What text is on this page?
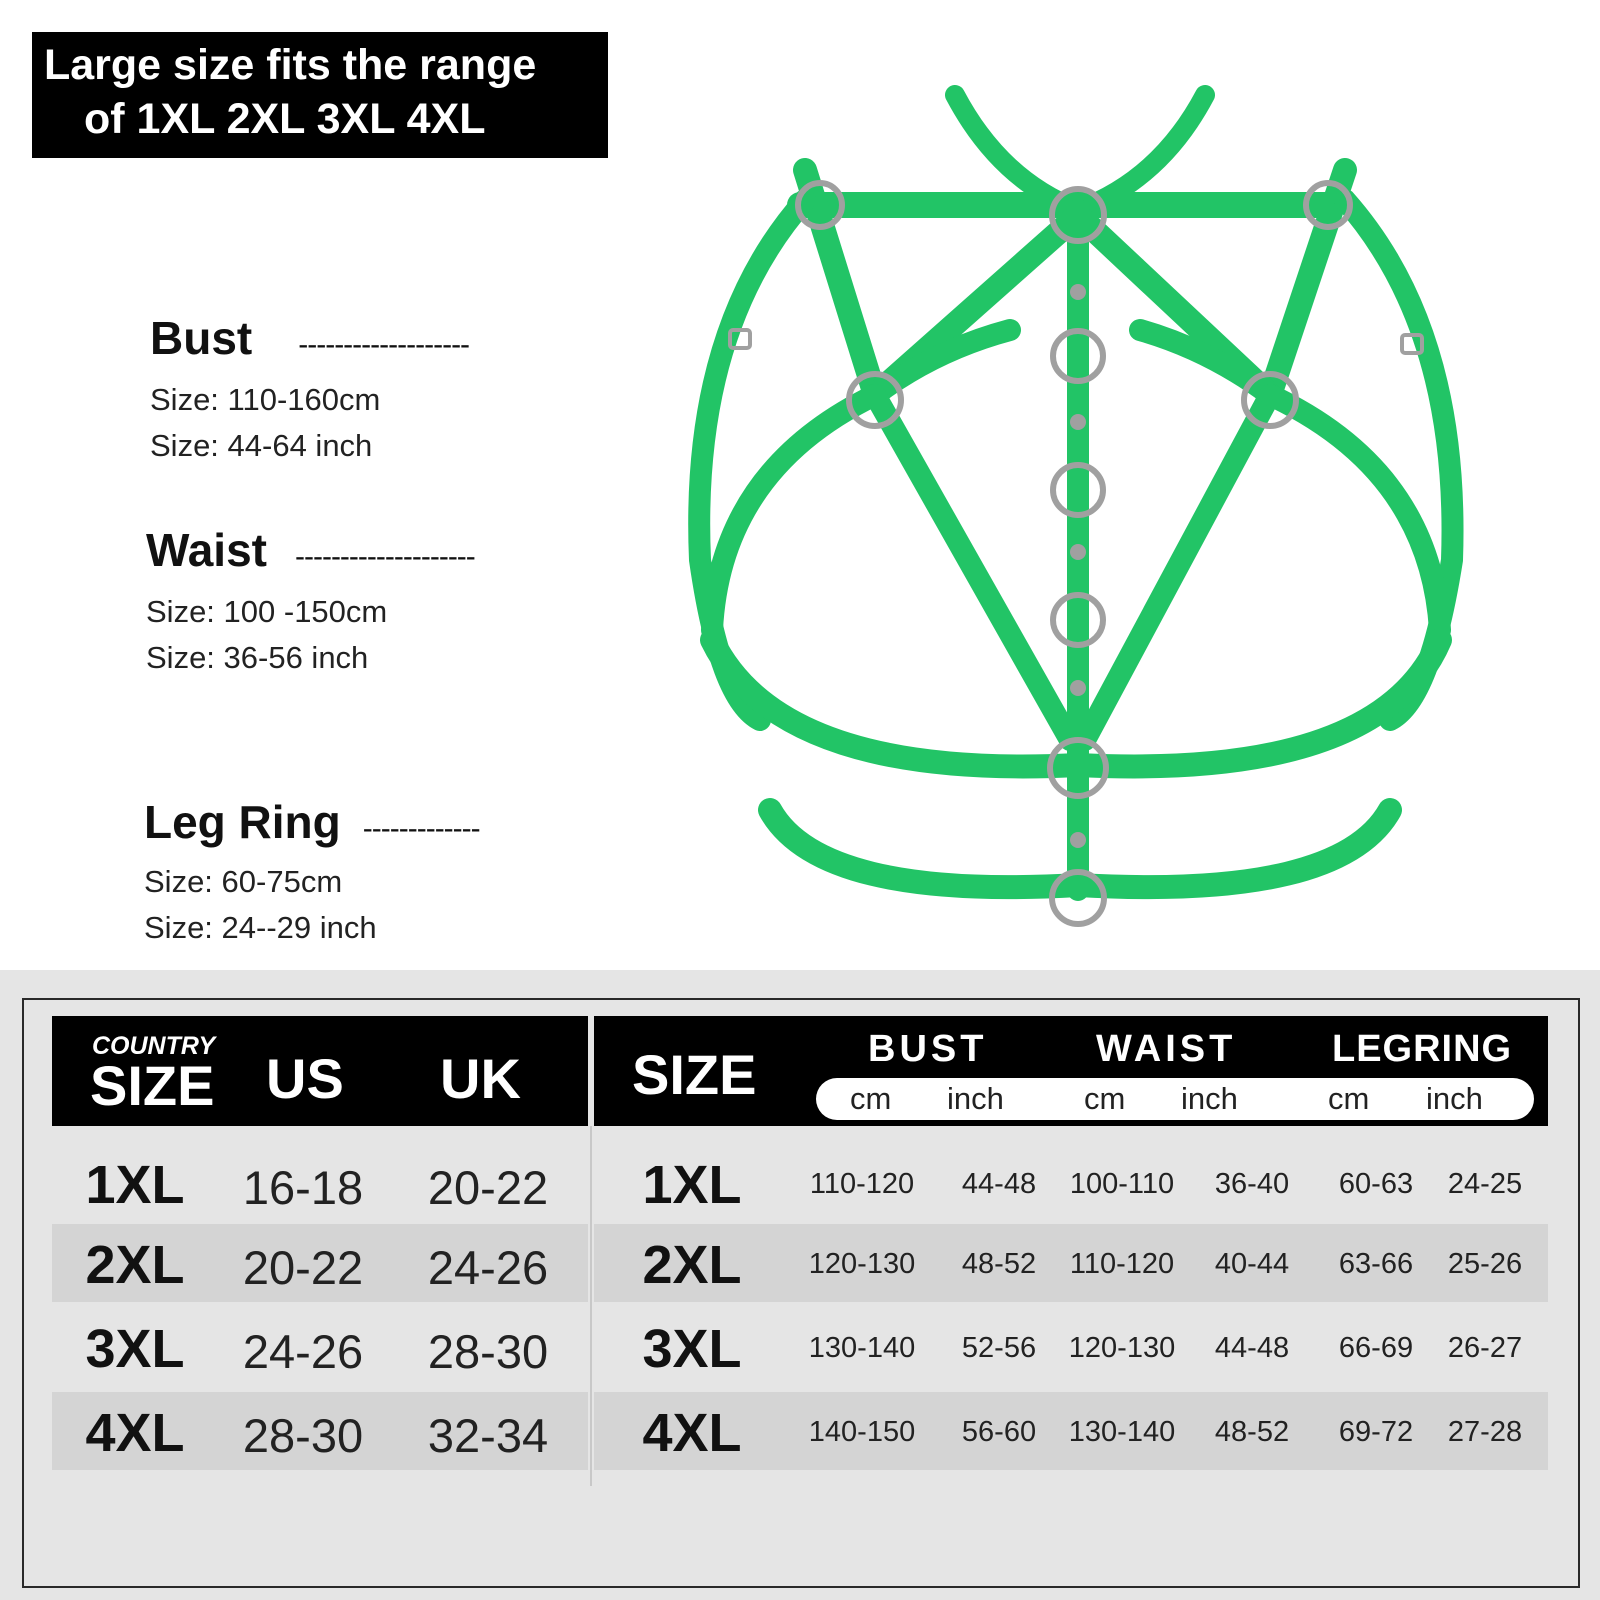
Large size fits the range
of 1XL 2XL 3XL 4XL
Bust -------------------
Size: 110-160cm
Size: 44-64 inch
Waist --------------------
Size: 100 -150cm
Size: 36-56 inch
Leg Ring -------------
Size: 60-75cm
Size: 24--29 inch
COUNTRY
SIZE US UK SIZE	BUST	WAIST	LEGRING
cm inch	cm inch	cm inch
1XL 16-18 20-22 1XL 110-120 44-48 100-110 36-40 60-63 24-25
2XL 20-22 24-26 2XL 120-130 48-52 110-120 40-44 63-66 25-26
3XL 24-26 28-30 3XL 130-140 52-56 120-130 44-48 66-69 26-27
4XL 28-30 32-34 4XL 140-150 56-60 130-140 48-52 69-72 27-28
